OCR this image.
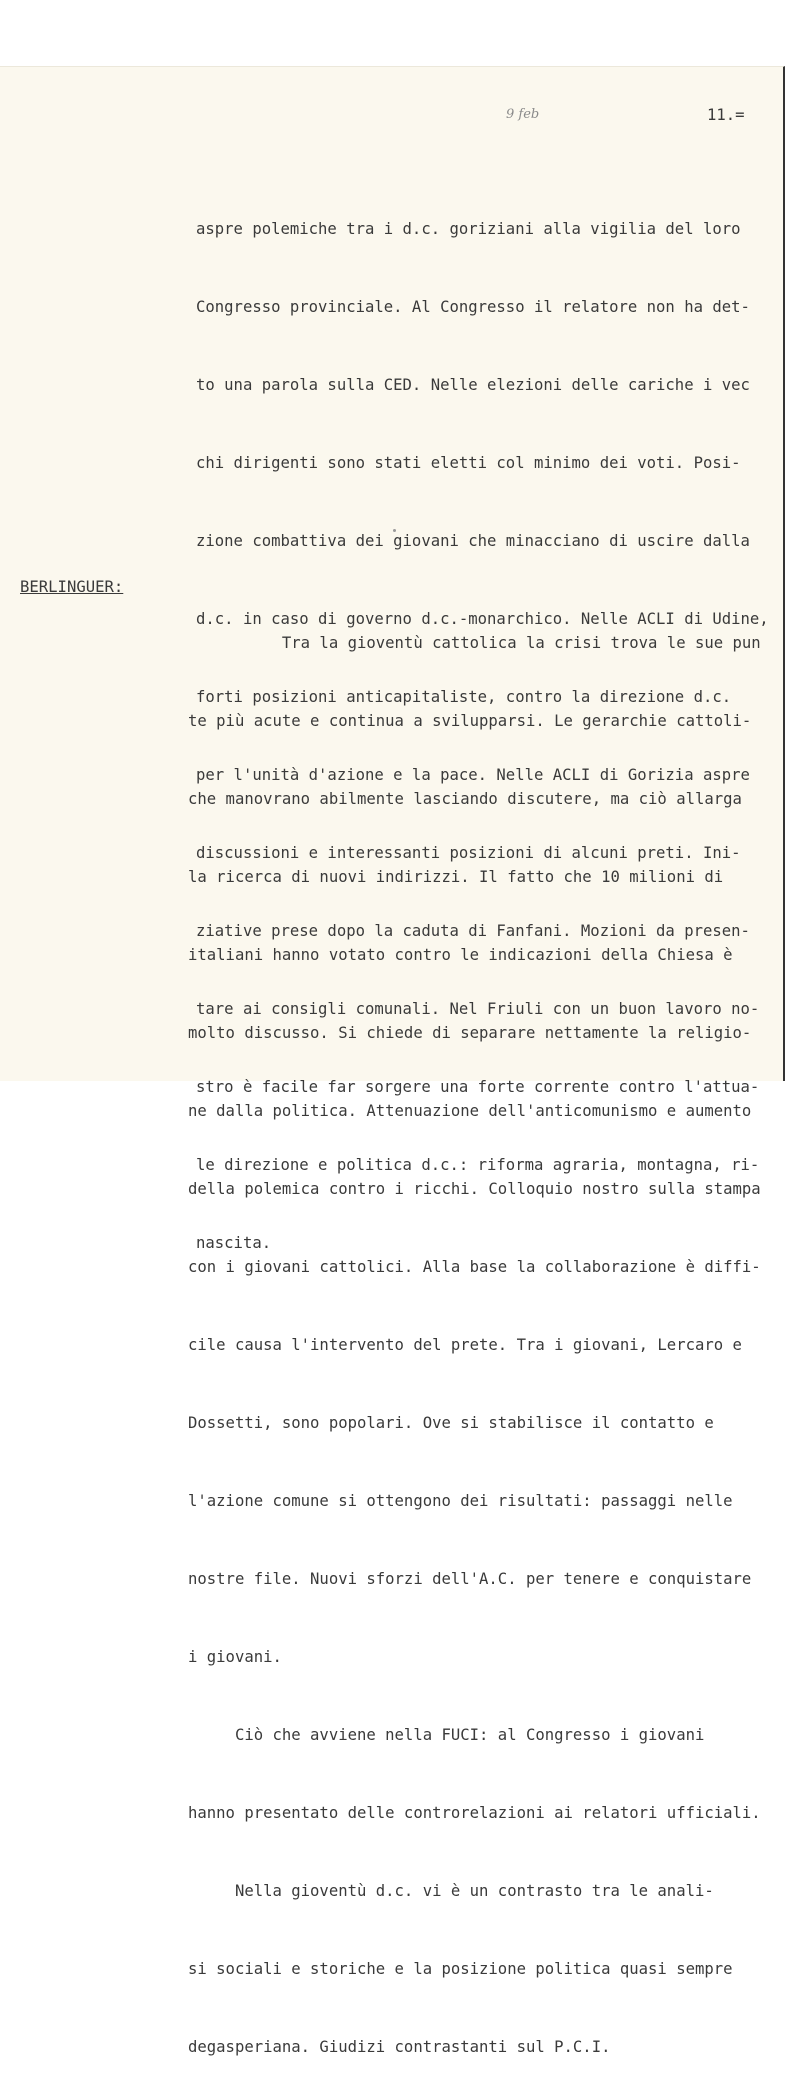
9 feb	11.=

aspre polemiche tra i d.c. goriziani alla vigilia del loro

Congresso provinciale. Al Congresso il relatore non ha det-

to una parola sulla CED. Nelle elezioni delle cariche i vec

chi dirigenti sono stati eletti col minimo dei voti. Posi-

zione combattiva dei giovani che minacciano di uscire dalla

d.c. in caso di governo d.c.-monarchico. Nelle ACLI di Udine,

forti posizioni anticapitaliste, contro la direzione d.c.

per l'unità d'azione e la pace. Nelle ACLI di Gorizia aspre

discussioni e interessanti posizioni di alcuni preti. Ini-

ziative prese dopo la caduta di Fanfani. Mozioni da presen-

tare ai consigli comunali. Nel Friuli con un buon lavoro no-

stro è facile far sorgere una forte corrente contro l'attua-

le direzione e politica d.c.: riforma agraria, montagna, ri-

nascita.

BERLINGUER:

Tra la gioventù cattolica la crisi trova le sue pun

te più acute e continua a svilupparsi. Le gerarchie cattoli-

che manovrano abilmente lasciando discutere, ma ciò allarga

la ricerca di nuovi indirizzi. Il fatto che 10 milioni di

italiani hanno votato contro le indicazioni della Chiesa è

molto discusso. Si chiede di separare nettamente la religio-

ne dalla politica. Attenuazione dell'anticomunismo e aumento

della polemica contro i ricchi. Colloquio nostro sulla stampa

con i giovani cattolici. Alla base la collaborazione è diffi-

cile causa l'intervento del prete. Tra i giovani, Lercaro e

Dossetti, sono popolari. Ove si stabilisce il contatto e

l'azione comune si ottengono dei risultati: passaggi nelle

nostre file. Nuovi sforzi dell'A.C. per tenere e conquistare

i giovani.

Ciò che avviene nella FUCI: al Congresso i giovani

hanno presentato delle controrelazioni ai relatori ufficiali.

Nella gioventù d.c. vi è un contrasto tra le anali-

si sociali e storiche e la posizione politica quasi sempre

degasperiana. Giudizi contrastanti sul P.C.I.
